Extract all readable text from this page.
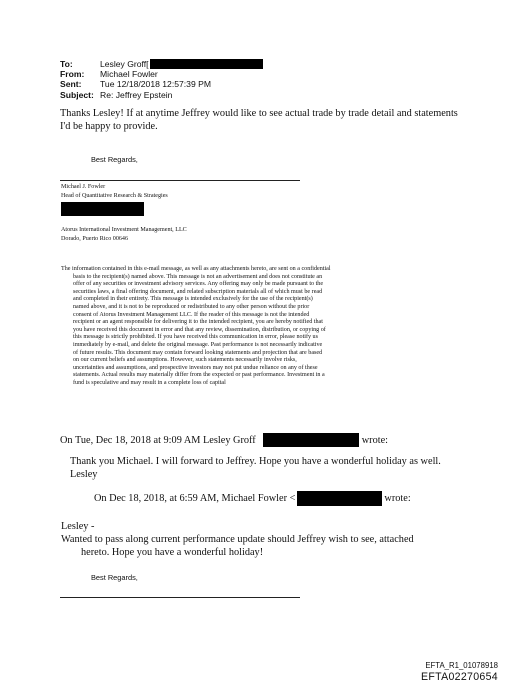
To:	Lesley Groff[
From:	Michael Fowler
Sent:	Tue 12/18/2018 12:57:39 PM
Subject: Re: Jeffrey Epstein
Thanks Lesley! If at anytime Jeffrey would like to see actual trade by trade detail and statements
I'd be happy to provide.
Best Regards,
Michael J. Fowler
Head of Quantitative Research & Strategies
Atorus International Investment Management, LLC
Dorado, Puerto Rico 00646
The information contained in this e-mail message, as well as any attachments hereto, are sent on a confidential
basis to the recipient(s) named above. This message is not an advertisement and does not constitute an
offer of any securities or investment advisory services. Any offering may only be made pursuant to the
securities laws, a final offering document, and related subscription materials all of which must be read
and completed in their entirety. This message is intended exclusively for the use of the recipient(s)
named above, and it is not to be reproduced or redistributed to any other person without the prior
consent of Atorus Investment Management LLC. If the reader of this message is not the intended
recipient or an agent responsible for delivering it to the intended recipient, you are hereby notified that
you have received this document in error and that any review, dissemination, distribution, or copying of
this message is strictly prohibited. If you have received this communication in error, please notify us
immediately by e-mail, and delete the original message. Past performance is not necessarily indicative
of future results. This document may contain forward looking statements and projection that are based
on our current beliefs and assumptions. However, such statements necessarily involve risks,
uncertainties and assumptions, and prospective investors may not put undue reliance on any of these
statements. Actual results may materially differ from the expected or past performance. Investment in a
fund is speculative and may result in a complete loss of capital
On Tue, Dec 18, 2018 at 9:09 AM Lesley Groff	wrote:
Thank you Michael. I will forward to Jeffrey. Hope you have a wonderful holiday as well.
Lesley
On Dec 18, 2018, at 6:59 AM, Michael Fowler <	wrote:
Lesley -
Wanted to pass along current performance update should Jeffrey wish to see, attached
hereto. Hope you have a wonderful holiday!
Best Regards,
EFTA_R1_01078918
EFTA02270654
